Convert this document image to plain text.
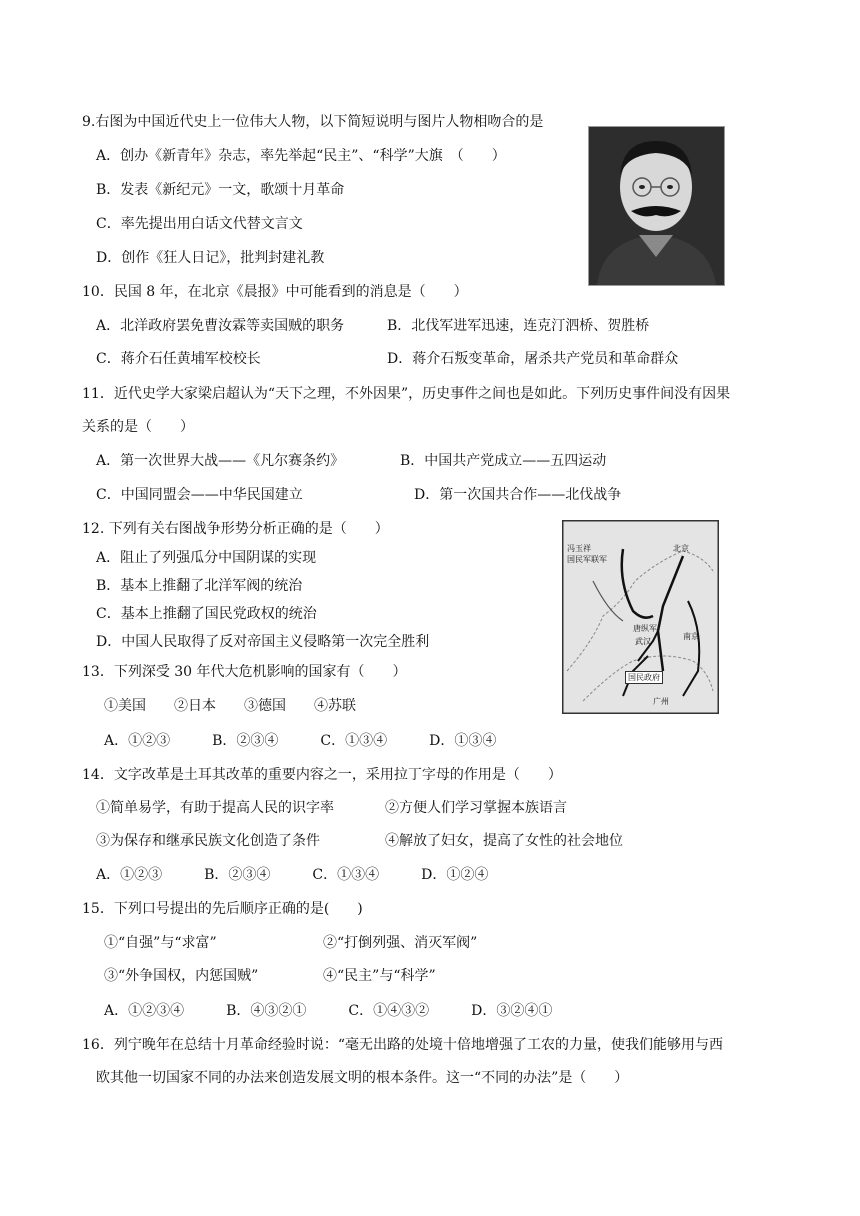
9.右图为中国近代史上一位伟大人物，以下简短说明与图片人物相吻合的是
A．创办《新青年》杂志，率先举起“民主”、“科学”大旗　（　　）
B．发表《新纪元》一文，歌颂十月革命
C．率先提出用白话文代替文言文
D．创作《狂人日记》，批判封建礼教
10．民国 8 年，在北京《晨报》中可能看到的消息是（　　）
A．北洋政府罢免曹汝霖等卖国贼的职务	B．北伐军进军迅速，连克汀泗桥、贺胜桥
C．蒋介石任黄埔军校校长	D．蒋介石叛变革命，屠杀共产党员和革命群众
11．近代史学大家梁启超认为“天下之理，不外因果”，历史事件之间也是如此。下列历史事件间没有因果
关系的是（　　）
A．第一次世界大战——《凡尔赛条约》	B．中国共产党成立——五四运动
C．中国同盟会——中华民国建立	D．第一次国共合作——北伐战争
12. 下列有关右图战争形势分析正确的是（　　）
A．阻止了列强瓜分中国阴谋的实现
B．基本上推翻了北洋军阀的统治
C．基本上推翻了国民党政权的统治
D．中国人民取得了反对帝国主义侵略第一次完全胜利
冯玉祥
国民军联军
北京
唐纵军
武汉
南京
国民政府
广州
13．下列深受 30 年代大危机影响的国家有（　　）
①美国　　②日本　　③德国　　④苏联
A．①②③　　　B．②③④　　　C．①③④　　　D．①③④
14．文字改革是土耳其改革的重要内容之一，采用拉丁字母的作用是（　　）
①简单易学，有助于提高人民的识字率	②方便人们学习掌握本族语言
③为保存和继承民族文化创造了条件	④解放了妇女，提高了女性的社会地位
A．①②③　　　B．②③④　　　C．①③④　　　D．①②④
15．下列口号提出的先后顺序正确的是(　　)
①“自强”与“求富”	②“打倒列强、消灭军阀”
③“外争国权，内惩国贼”	④“民主”与“科学”
A．①②③④　　　B．④③②①　　　C．①④③②　　　D．③②④①
16．列宁晚年在总结十月革命经验时说：“毫无出路的处境十倍地增强了工农的力量，使我们能够用与西
欧其他一切国家不同的办法来创造发展文明的根本条件。这一“不同的办法”是（　　）
